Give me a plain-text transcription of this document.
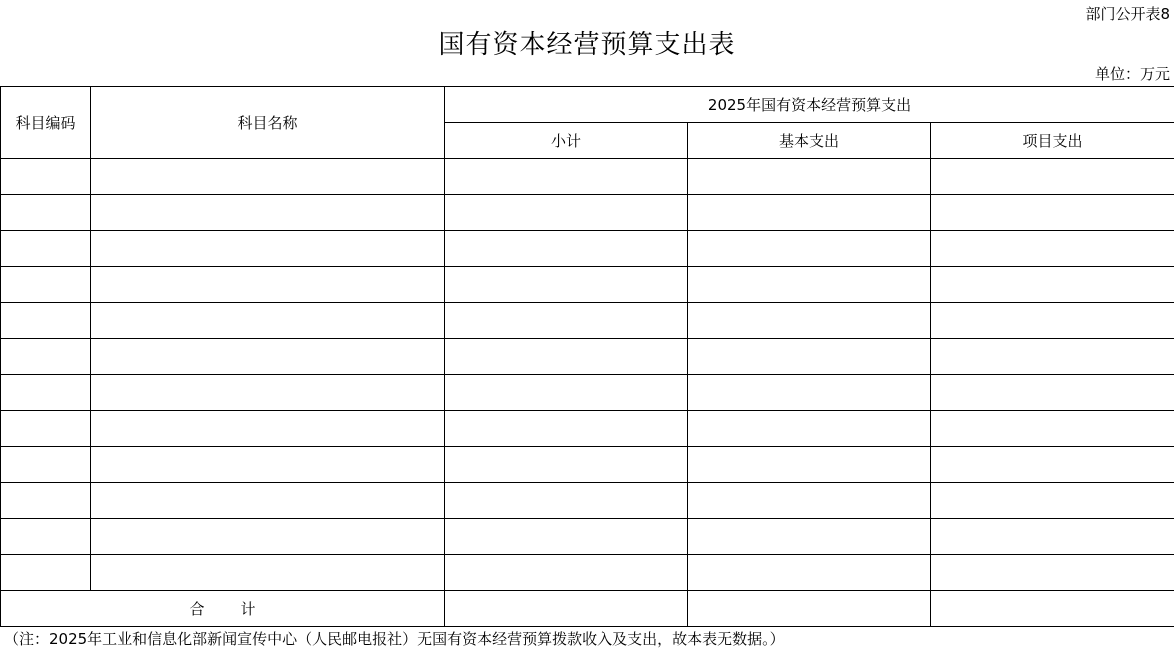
部门公开表8
国有资本经营预算支出表
单位：万元
科目编码	科目名称	2025年国有资本经营预算支出		
		小计	基本支出	项目支出

合计				
（注：2025年工业和信息化部新闻宣传中心（人民邮电报社）无国有资本经营预算拨款收入及支出，故本表无数据。）
